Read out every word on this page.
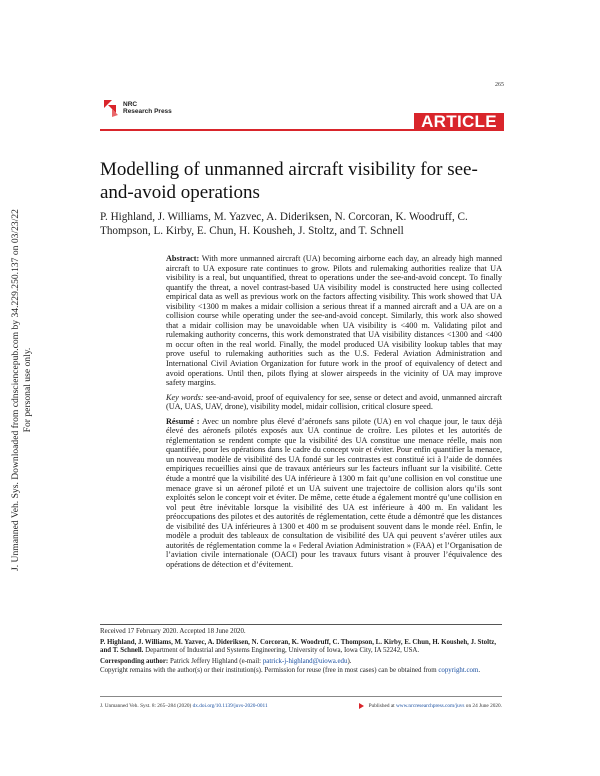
J. Unmanned Veh. Sys. Downloaded from cdnsciencepub.com by 34.229.250.137 on 03/23/22 For personal use only.
265
NRC
Research Press
ARTICLE
Modelling of unmanned aircraft visibility for see-and-avoid operations
P. Highland, J. Williams, M. Yazvec, A. Dideriksen, N. Corcoran, K. Woodruff, C. Thompson, L. Kirby, E. Chun, H. Kousheh, J. Stoltz, and T. Schnell

Abstract: With more unmanned aircraft (UA) becoming airborne each day, an already high manned aircraft to UA exposure rate continues to grow. Pilots and rulemaking authorities realize that UA visibility is a real, but unquantified, threat to operations under the see-and-avoid concept. To finally quantify the threat, a novel contrast-based UA visibility model is constructed here using collected empirical data as well as previous work on the factors affecting visibility. This work showed that UA visibility <1300 m makes a midair collision a serious threat if a manned aircraft and a UA are on a collision course while operating under the see-and-avoid concept. Similarly, this work also showed that a midair collision may be unavoidable when UA visibility is <400 m. Validating pilot and rulemaking authority concerns, this work demonstrated that UA visibility distances <1300 and <400 m occur often in the real world. Finally, the model produced UA visibility lookup tables that may prove useful to rulemaking authorities such as the U.S. Federal Aviation Administration and International Civil Aviation Organization for future work in the proof of equivalency of detect and avoid operations. Until then, pilots flying at slower airspeeds in the vicinity of UA may improve safety margins.

Key words: see-and-avoid, proof of equivalency for see, sense or detect and avoid, unmanned aircraft (UA, UAS, UAV, drone), visibility model, midair collision, critical closure speed.

Résumé : Avec un nombre plus élevé d’aéronefs sans pilote (UA) en vol chaque jour, le taux déjà élevé des aéronefs pilotés exposés aux UA continue de croître. Les pilotes et les autorités de réglementation se rendent compte que la visibilité des UA constitue une menace réelle, mais non quantifiée, pour les opérations dans le cadre du concept voir et éviter. Pour enfin quantifier la menace, un nouveau modèle de visibilité des UA fondé sur les contrastes est constitué ici à l’aide de données empiriques recueillies ainsi que de travaux antérieurs sur les facteurs influant sur la visibilité. Cette étude a montré que la visibilité des UA inférieure à 1300 m fait qu’une collision en vol constitue une menace grave si un aéronef piloté et un UA suivent une trajectoire de collision alors qu’ils sont exploités selon le concept voir et éviter. De même, cette étude a également montré qu’une collision en vol peut être inévitable lorsque la visibilité des UA est inférieure à 400 m. En validant les préoccupations des pilotes et des autorités de réglementation, cette étude a démontré que les distances de visibilité des UA inférieures à 1300 et 400 m se produisent souvent dans le monde réel. Enfin, le modèle a produit des tableaux de consultation de visibilité des UA qui peuvent s’avérer utiles aux autorités de réglementation comme la « Federal Aviation Administration » (FAA) et l’Organisation de l’aviation civile internationale (OACI) pour les travaux futurs visant à prouver l’équivalence des opérations de détection et d’évitement.

Received 17 February 2020. Accepted 18 June 2020.
P. Highland, J. Williams, M. Yazvec, A. Dideriksen, N. Corcoran, K. Woodruff, C. Thompson, L. Kirby, E. Chun, H. Kousheh, J. Stoltz, and T. Schnell. Department of Industrial and Systems Engineering, University of Iowa, Iowa City, IA 52242, USA.
Corresponding author: Patrick Jeffery Highland (e-mail: patrick-j-highland@uiowa.edu).
Copyright remains with the author(s) or their institution(s). Permission for reuse (free in most cases) can be obtained from copyright.com.
J. Unmanned Veh. Syst. 8: 265–284 (2020) dx.doi.org/10.1139/juvs-2020-0011	Published at www.nrcresearchpress.com/juvs on 24 June 2020.
